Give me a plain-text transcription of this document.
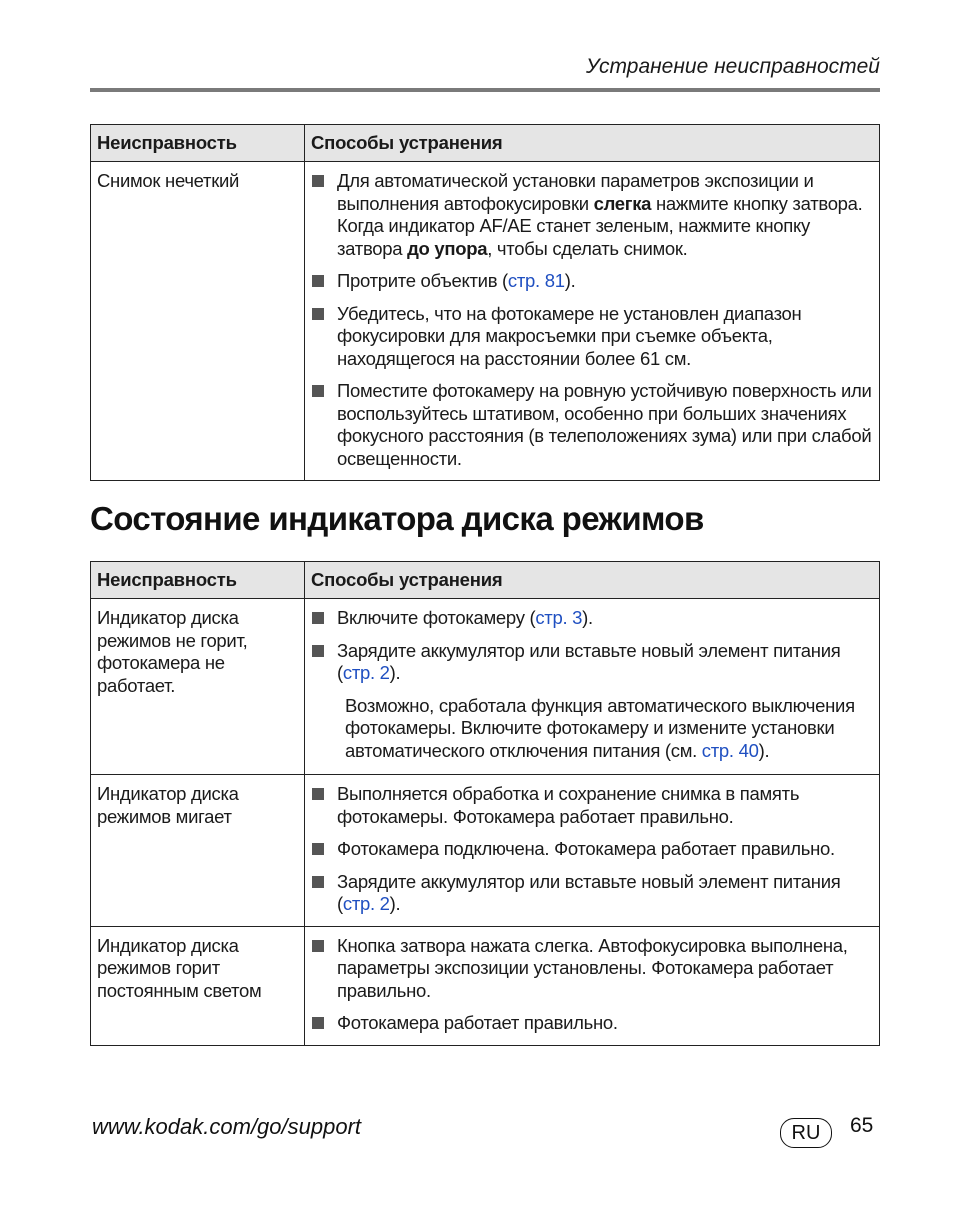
Устранение неисправностей
Неисправность	Способы устранения
Снимок нечеткий	Для автоматической установки параметров экспозиции и выполнения автофокусировки слегка нажмите кнопку затвора. Когда индикатор AF/AE станет зеленым, нажмите кнопку затвора до упора, чтобы сделать снимок.
Протрите объектив (стр. 81).
Убедитесь, что на фотокамере не установлен диапазон фокусировки для макросъемки при съемке объекта, находящегося на расстоянии более 61 см.
Поместите фотокамеру на ровную устойчивую поверхность или воспользуйтесь штативом, особенно при больших значениях фокусного расстояния (в телеположениях зума) или при слабой освещенности.
Состояние индикатора диска режимов
Неисправность	Способы устранения
Индикатор диска режимов не горит, фотокамера не работает.	Включите фотокамеру (стр. 3).
Зарядите аккумулятор или вставьте новый элемент питания (стр. 2).
Возможно, сработала функция автоматического выключения фотокамеры. Включите фотокамеру и измените установки автоматического отключения питания (см. стр. 40).

Индикатор диска режимов мигает	Выполняется обработка и сохранение снимка в память фотокамеры. Фотокамера работает правильно.
Фотокамера подключена. Фотокамера работает правильно.
Зарядите аккумулятор или вставьте новый элемент питания (стр. 2).

Индикатор диска режимов горит постоянным светом	Кнопка затвора нажата слегка. Автофокусировка выполнена, параметры экспозиции установлены. Фотокамера работает правильно.
Фотокамера работает правильно.
www.kodak.com/go/support	RU	65
